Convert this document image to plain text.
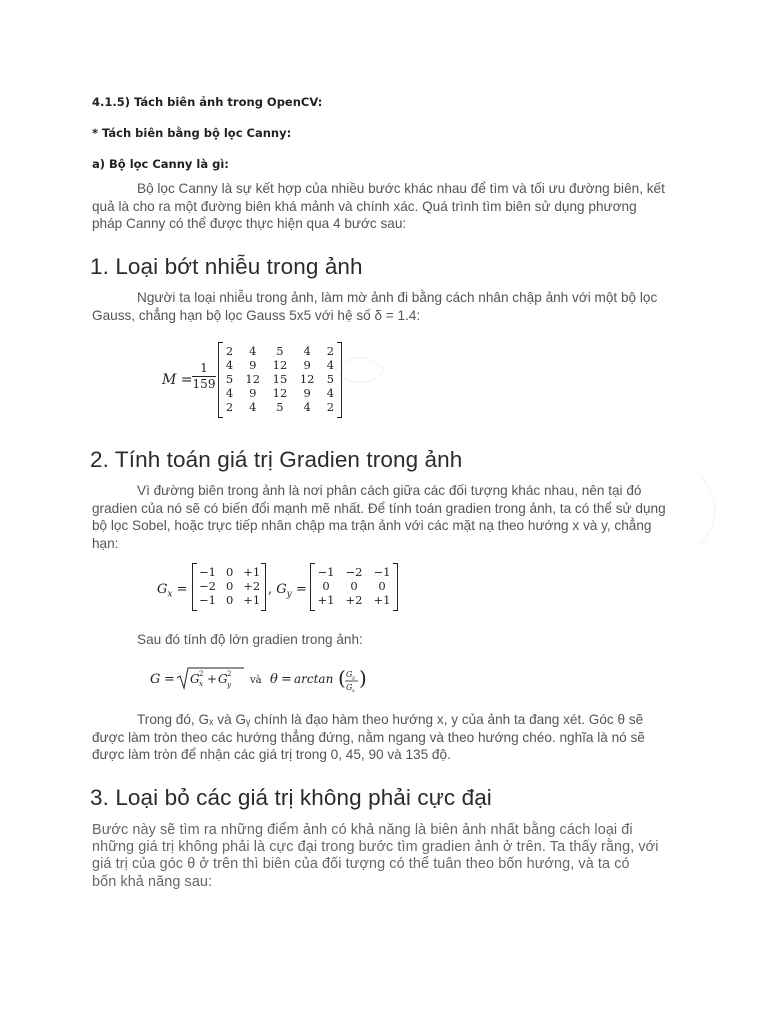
4.1.5) Tách biên ảnh trong OpenCV:
* Tách biên bằng bộ lọc Canny:
a) Bộ lọc Canny là gì:
Bộ lọc Canny là sự kết hợp của nhiều bước khác nhau để tìm và tối ưu đường biên, kết
quả là cho ra một đường biên khá mảnh và chính xác. Quá trình tìm biên sử dụng phương
pháp Canny có thể được thực hiện qua 4 bước sau:
1. Loại bớt nhiễu trong ảnh
Người ta loại nhiễu trong ảnh, làm mờ ảnh đi bằng cách nhân chập ảnh với một bộ lọc
Gauss, chẳng hạn bộ lọc Gauss 5x5 với hệ số δ = 1.4:
$M = \frac{1}{159}$
2	4	5	4	2
4	9	12	9	4
5	12	15	12	5
4	9	12	9	4
2	4	5	4	2
2. Tính toán giá trị Gradien trong ảnh
Vì đường biên trong ảnh là nơi phân cách giữa các đối tượng khác nhau, nên tại đó
gradien của nó sẽ có biến đổi mạnh mẽ nhất. Để tính toán gradien trong ảnh, ta có thể sử dụng
bộ lọc Sobel, hoặc trực tiếp nhân chập ma trận ảnh với các mặt nạ theo hướng x và y, chẳng
hạn:
$G_x$ =
−1	0	+1
−2	0	+2
−1	0	+1
, $G_y$ =
−1	−2	−1
0	0	0
+1	+2	+1
Sau đó tính độ lớn gradien trong ảnh:
G = G 2
x + G 2
y và θ = arctan ( G y
G x
)
Trong đó, Gₓ và Gᵧ chính là đạo hàm theo hướng x, y của ảnh ta đang xét. Góc θ sẽ
được làm tròn theo các hướng thẳng đứng, nằm ngang và theo hướng chéo. nghĩa là nó sẽ
được làm tròn để nhận các giá trị trong 0, 45, 90 và 135 độ.
3. Loại bỏ các giá trị không phải cực đại
Bước này sẽ tìm ra những điểm ảnh có khả năng là biên ảnh nhất bằng cách loại đi
những giá trị không phải là cực đại trong bước tìm gradien ảnh ở trên. Ta thấy rằng, với
giá trị của góc θ ở trên thì biên của đối tượng có thể tuân theo bốn hướng, và ta có
bốn khả năng sau:
